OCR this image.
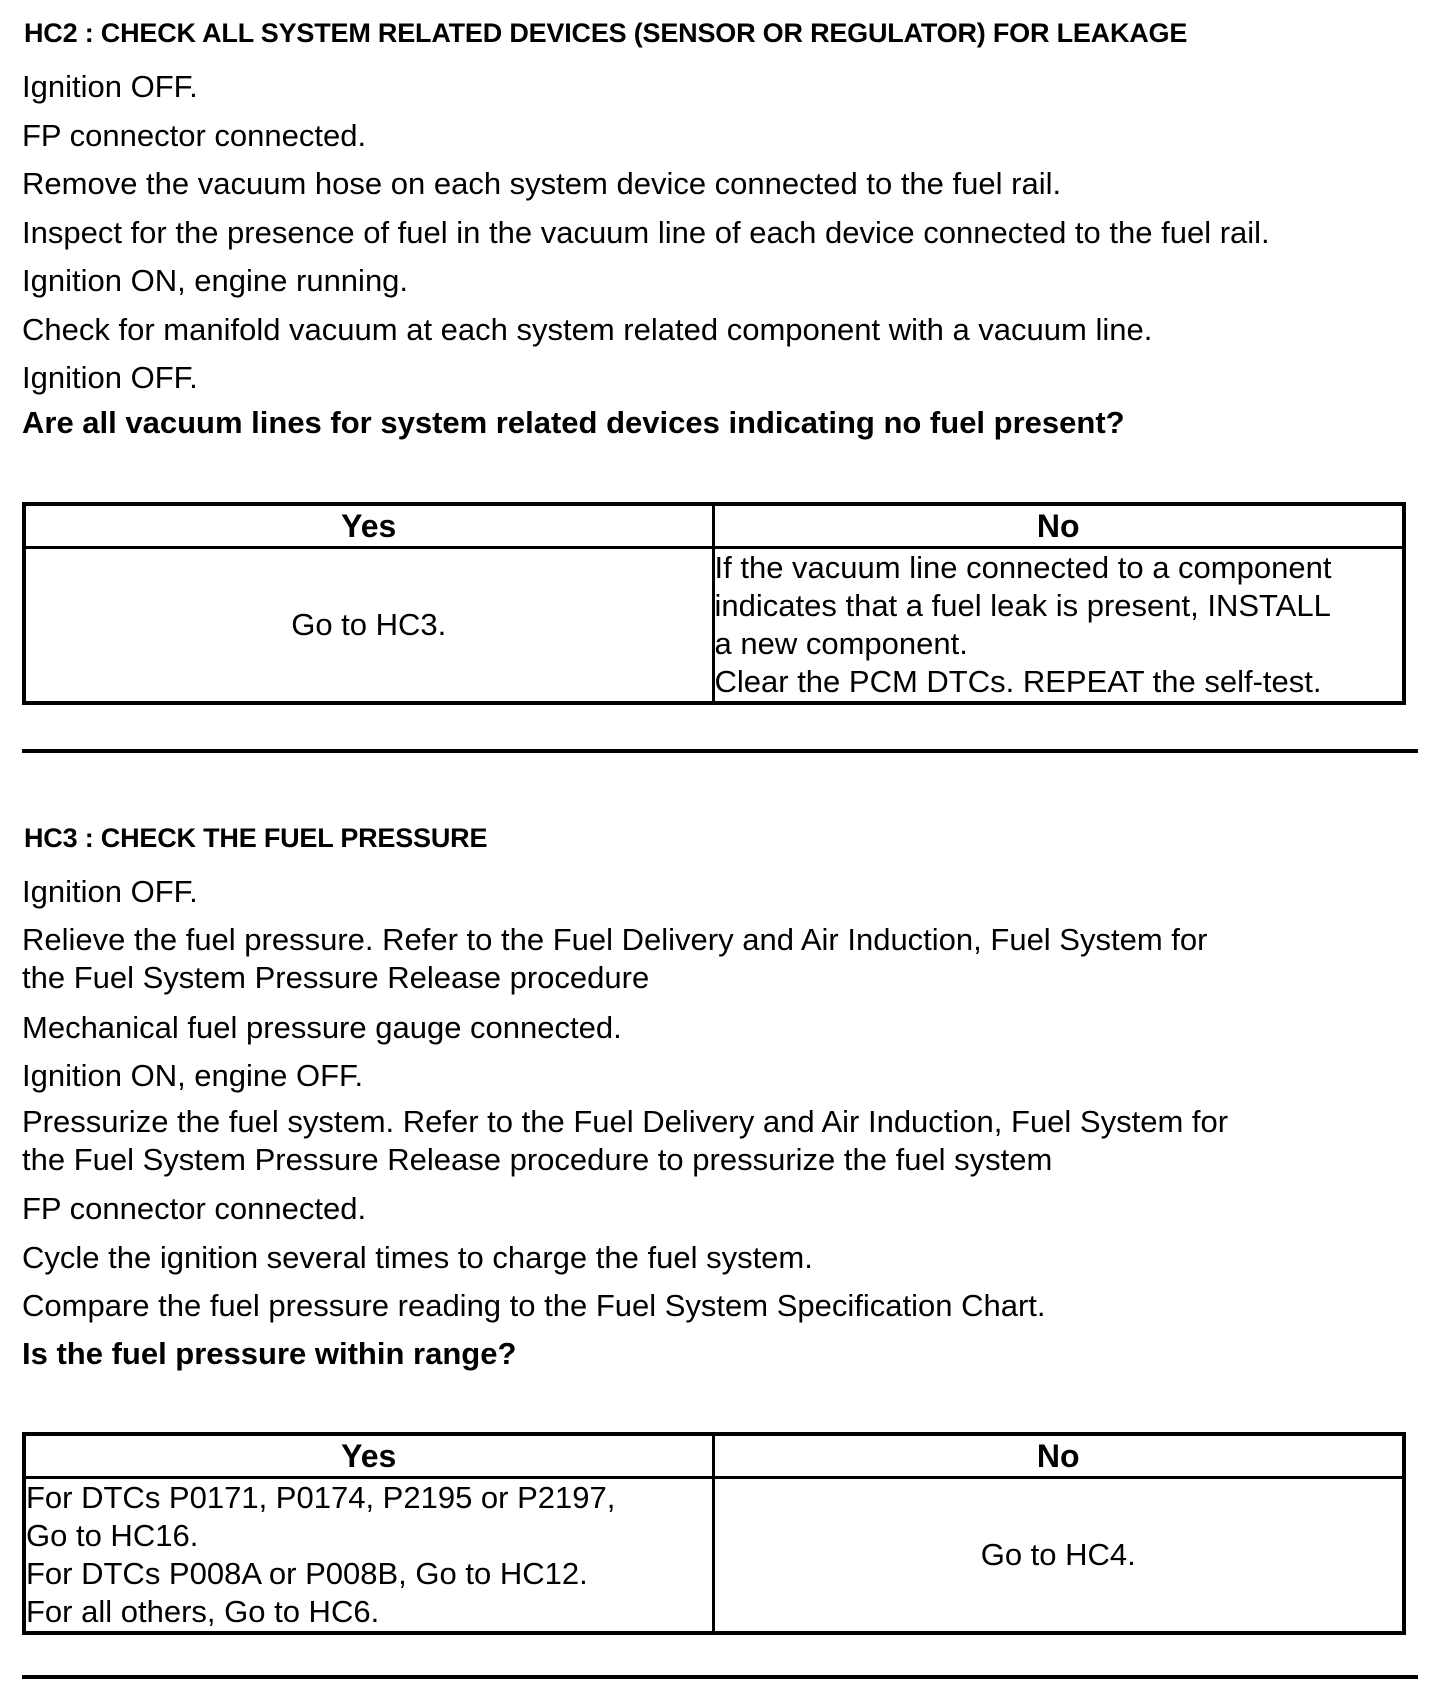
HC2 : CHECK ALL SYSTEM RELATED DEVICES (SENSOR OR REGULATOR) FOR LEAKAGE
Ignition OFF.
FP connector connected.
Remove the vacuum hose on each system device connected to the fuel rail.
Inspect for the presence of fuel in the vacuum line of each device connected to the fuel rail.
Ignition ON, engine running.
Check for manifold vacuum at each system related component with a vacuum line.
Ignition OFF.
Are all vacuum lines for system related devices indicating no fuel present?
Yes	No
Go to HC3.	If the vacuum line connected to a component
indicates that a fuel leak is present, INSTALL
a new component.
Clear the PCM DTCs. REPEAT the self-test.
HC3 : CHECK THE FUEL PRESSURE
Ignition OFF.
Relieve the fuel pressure. Refer to the Fuel Delivery and Air Induction, Fuel System for
the Fuel System Pressure Release procedure
Mechanical fuel pressure gauge connected.
Ignition ON, engine OFF.
Pressurize the fuel system. Refer to the Fuel Delivery and Air Induction, Fuel System for
the Fuel System Pressure Release procedure to pressurize the fuel system
FP connector connected.
Cycle the ignition several times to charge the fuel system.
Compare the fuel pressure reading to the Fuel System Specification Chart.
Is the fuel pressure within range?
Yes	No

For DTCs P0171, P0174, P2195 or P2197,
Go to HC16.
For DTCs P008A or P008B, Go to HC12.
For all others, Go to HC6.	Go to HC4.
